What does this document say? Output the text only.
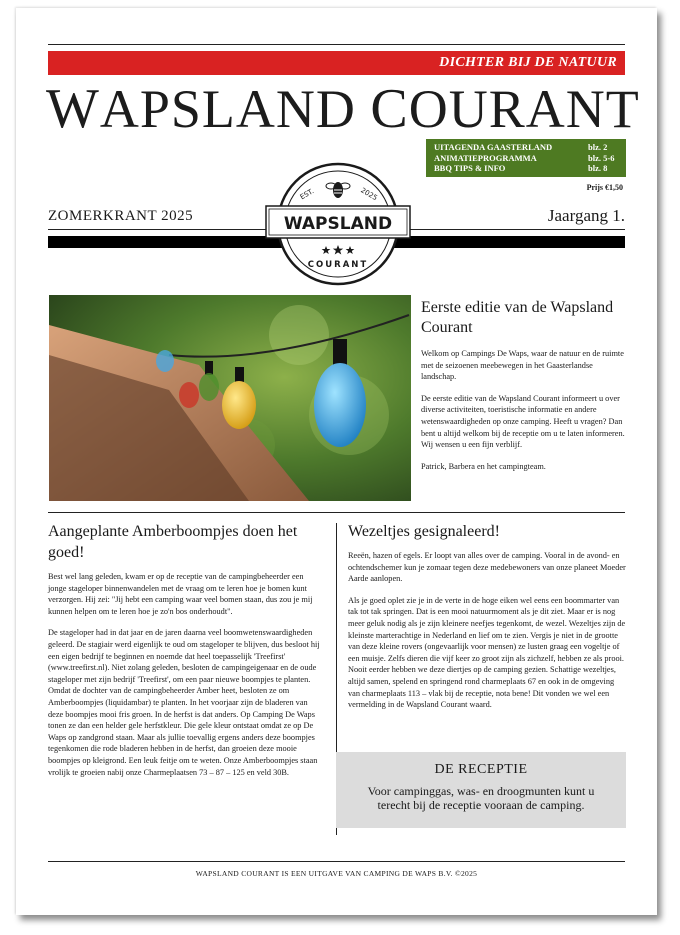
DICHTER BIJ DE NATUUR
WAPSLAND COURANT
UITAGENDA GAASTERLAND	blz. 2
ANIMATIEPROGRAMMA	blz. 5-6
BBQ TIPS & INFO	blz. 8
Prijs €1,50
ZOMERKRANT 2025	Jaargang 1.
WAPSLAND
EST.	2025
COURANT
Eerste editie van de Wapsland Courant

Welkom op Campings De Waps, waar de natuur en de ruimte met de seizoenen meebewegen in het Gaasterlandse landschap.

De eerste editie van de Wapsland Courant informeert u over diverse activiteiten, toeristische informatie en andere wetenswaardigheden op onze camping. Heeft u vragen? Dan bent u altijd welkom bij de receptie om u te laten informeren. Wij wensen u een fijn verblijf.

Patrick, Barbera en het campingteam.

Aangeplante Amberboompjes doen het goed!

Best wel lang geleden, kwam er op de receptie van de campingbeheerder een jonge stageloper binnenwandelen met de vraag om te leren hoe je bomen kunt verzorgen. Hij zei: "Jij hebt een camping waar veel bomen staan, dus zou je mij kunnen helpen om te leren hoe je zo'n bos onderhoudt".

De stageloper had in dat jaar en de jaren daarna veel boomwetenswaardigheden geleerd. De stagiair werd eigenlijk te oud om stageloper te blijven, dus besloot hij een eigen bedrijf te beginnen en noemde dat heel toepasselijk 'Treefirst' (www.treefirst.nl). Niet zolang geleden, besloten de campingeigenaar en de oude stageloper met zijn bedrijf 'Treefirst', om een paar nieuwe boompjes te planten. Omdat de dochter van de campingbeheerder Amber heet, besloten ze om Amberboompjes (liquidambar) te planten. In het voorjaar zijn de bladeren van deze boompjes mooi fris groen. In de herfst is dat anders. Op Camping De Waps tonen ze dan een helder gele herfstkleur. Die gele kleur ontstaat omdat ze op De Waps op zandgrond staan. Maar als jullie toevallig ergens anders deze boompjes tegenkomen die rode bladeren hebben in de herfst, dan groeien deze mooie boompjes op kleigrond. Een leuk feitje om te weten. Onze Amberboompjes staan vrolijk te groeien nabij onze Charmeplaatsen 73 – 87 – 125 en veld 30B.

Wezeltjes gesignaleerd!

Reeën, hazen of egels. Er loopt van alles over de camping. Vooral in de avond- en ochtendschemer kun je zomaar tegen deze medebewoners van onze planeet Moeder Aarde aanlopen.

Als je goed oplet zie je in de verte in de hoge eiken wel eens een boommarter van tak tot tak springen. Dat is een mooi natuurmoment als je dit ziet. Maar er is nog meer geluk nodig als je zijn kleinere neefjes tegenkomt, de wezel. Wezeltjes zijn de kleinste marterachtige in Nederland en lief om te zien. Vergis je niet in de grootte van deze kleine rovers (ongevaarlijk voor mensen) ze lusten graag een vogeltje of een muisje. Zelfs dieren die vijf keer zo groot zijn als zichzelf, hebben ze als prooi. Nooit eerder hebben we deze diertjes op de camping gezien. Schattige wezeltjes, altijd samen, spelend en springend rond charmeplaats 67 en ook in de omgeving van charmeplaats 113 – vlak bij de receptie, nota bene! Dit vonden we wel een vermelding in de Wapsland Courant waard.

DE RECEPTIE

Voor campinggas, was- en droogmunten kunt u terecht bij de receptie vooraan de camping.

WAPSLAND COURANT IS EEN UITGAVE VAN CAMPING DE WAPS B.V. ©2025
